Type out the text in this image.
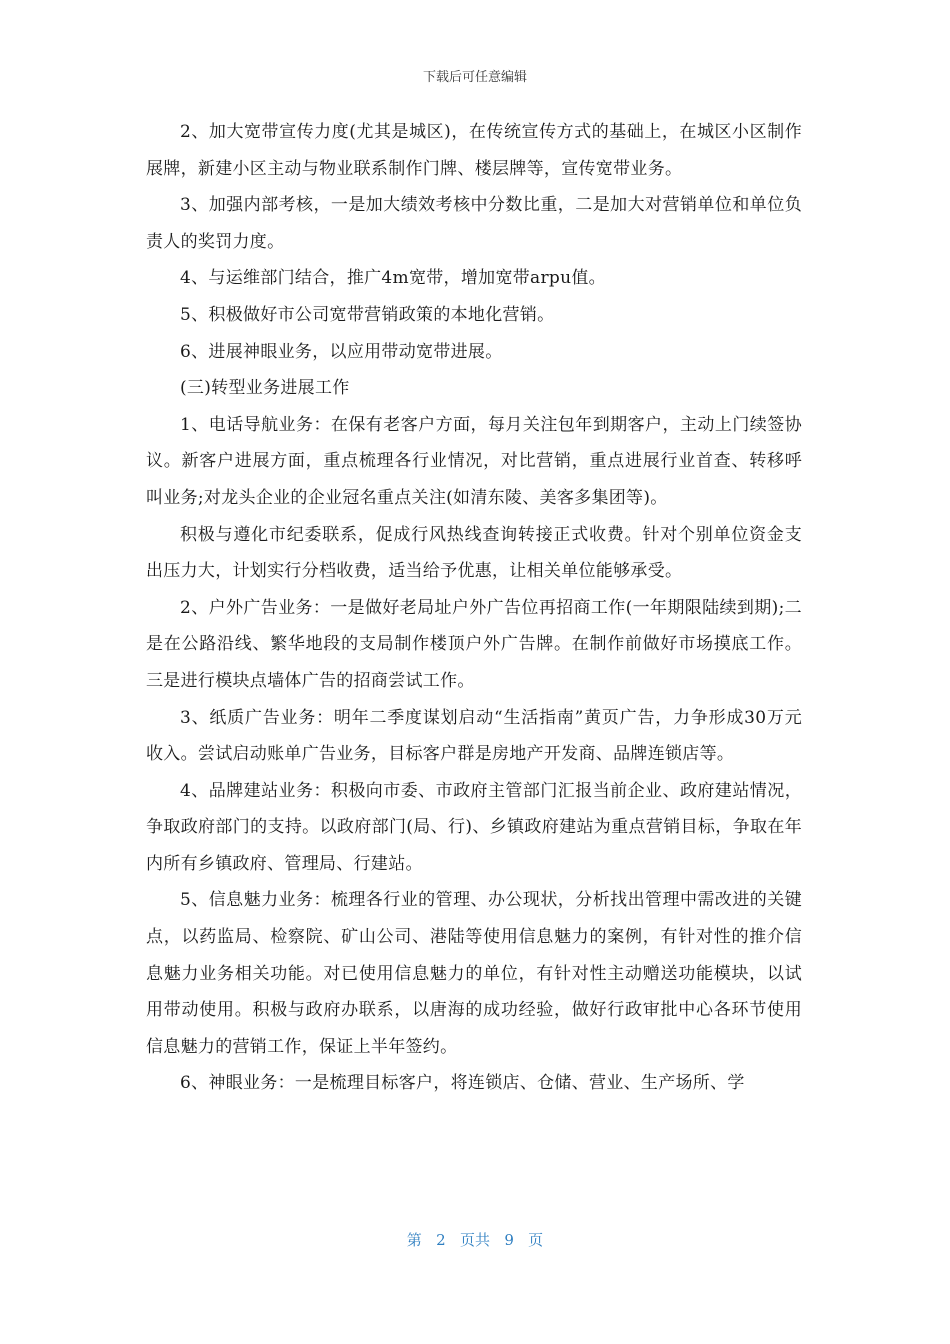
下载后可任意编辑

2、加大宽带宣传力度(尤其是城区)，在传统宣传方式的基础上，在城区小区制作展牌，新建小区主动与物业联系制作门牌、楼层牌等，宣传宽带业务。

3、加强内部考核，一是加大绩效考核中分数比重，二是加大对营销单位和单位负责人的奖罚力度。

4、与运维部门结合，推广4m宽带，增加宽带arpu值。

5、积极做好市公司宽带营销政策的本地化营销。

6、进展神眼业务，以应用带动宽带进展。

(三)转型业务进展工作

1、电话导航业务：在保有老客户方面，每月关注包年到期客户，主动上门续签协议。新客户进展方面，重点梳理各行业情况，对比营销，重点进展行业首查、转移呼叫业务;对龙头企业的企业冠名重点关注(如清东陵、美客多集团等)。

积极与遵化市纪委联系，促成行风热线查询转接正式收费。针对个别单位资金支出压力大，计划实行分档收费，适当给予优惠，让相关单位能够承受。

2、户外广告业务：一是做好老局址户外广告位再招商工作(一年期限陆续到期);二是在公路沿线、繁华地段的支局制作楼顶户外广告牌。在制作前做好市场摸底工作。三是进行模块点墙体广告的招商尝试工作。

3、纸质广告业务：明年二季度谋划启动“生活指南”黄页广告，力争形成30万元收入。尝试启动账单广告业务，目标客户群是房地产开发商、品牌连锁店等。

4、品牌建站业务：积极向市委、市政府主管部门汇报当前企业、政府建站情况，争取政府部门的支持。以政府部门(局、行)、乡镇政府建站为重点营销目标，争取在年内所有乡镇政府、管理局、行建站。

5、信息魅力业务：梳理各行业的管理、办公现状，分析找出管理中需改进的关键点，以药监局、检察院、矿山公司、港陆等使用信息魅力的案例，有针对性的推介信息魅力业务相关功能。对已使用信息魅力的单位，有针对性主动赠送功能模块，以试用带动使用。积极与政府办联系，以唐海的成功经验，做好行政审批中心各环节使用信息魅力的营销工作，保证上半年签约。

6、神眼业务：一是梳理目标客户，将连锁店、仓储、营业、生产场所、学

第 2 页共 9 页
